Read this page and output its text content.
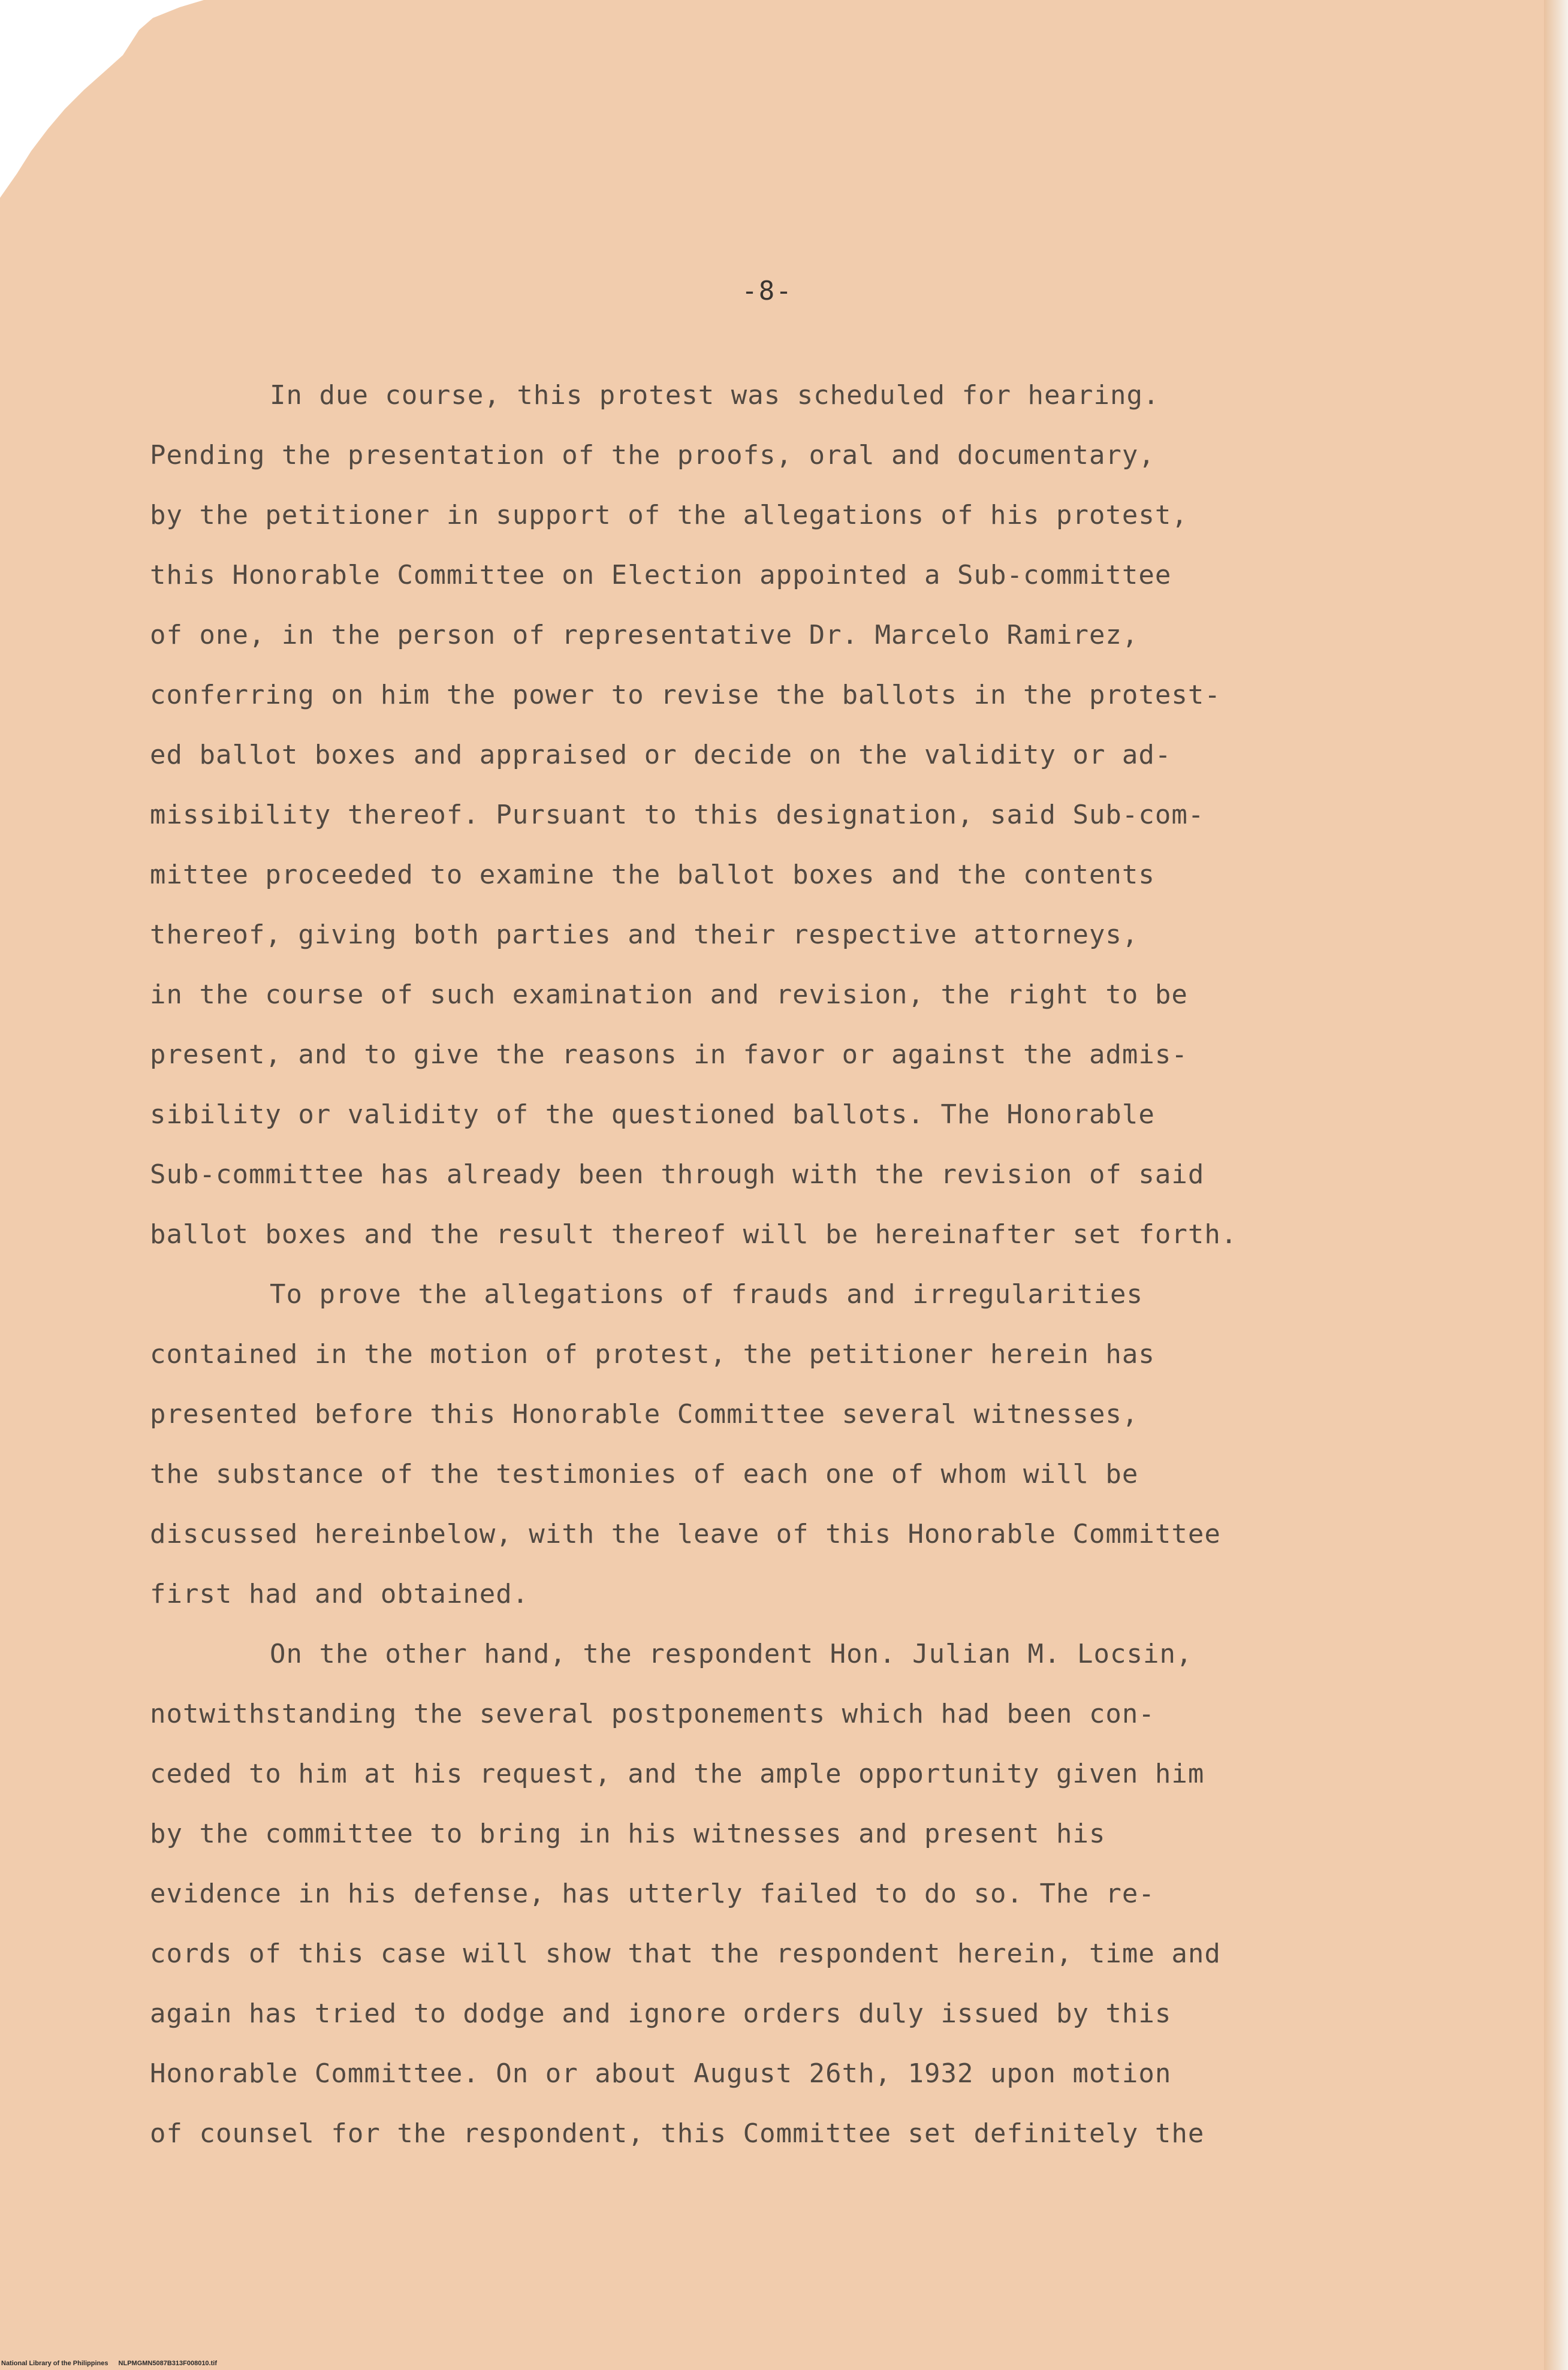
-8-
In due course, this protest was scheduled for hearing.
Pending the presentation of the proofs, oral and documentary,
by the petitioner in support of the allegations of his protest,
this Honorable Committee on Election appointed a Sub-committee
of one, in the person of representative Dr. Marcelo Ramirez,
conferring on him the power to revise the ballots in the protest-
ed ballot boxes and appraised or decide on the validity or ad-
missibility thereof. Pursuant to this designation, said Sub-com-
mittee proceeded to examine the ballot boxes and the contents
thereof, giving both parties and their respective attorneys,
in the course of such examination and revision, the right to be
present, and to give the reasons in favor or against the admis-
sibility or validity of the questioned ballots. The Honorable
Sub-committee has already been through with the revision of said
ballot boxes and the result thereof will be hereinafter set forth.
To prove the allegations of frauds and irregularities
contained in the motion of protest, the petitioner herein has
presented before this Honorable Committee several witnesses,
the substance of the testimonies of each one of whom will be
discussed hereinbelow, with the leave of this Honorable Committee
first had and obtained.
On the other hand, the respondent Hon. Julian M. Locsin,
notwithstanding the several postponements which had been con-
ceded to him at his request, and the ample opportunity given him
by the committee to bring in his witnesses and present his
evidence in his defense, has utterly failed to do so. The re-
cords of this case will show that the respondent herein, time and
again has tried to dodge and ignore orders duly issued by this
Honorable Committee. On or about August 26th, 1932 upon motion
of counsel for the respondent, this Committee set definitely the
National Library of the Philippines NLPMGMN5087B313F008010.tif
